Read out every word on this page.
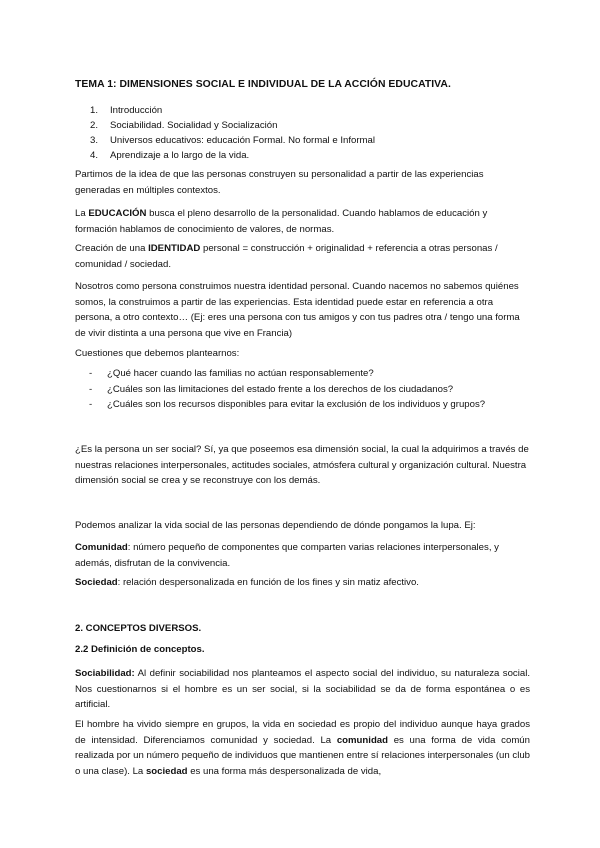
TEMA 1: DIMENSIONES SOCIAL E INDIVIDUAL DE LA ACCIÓN EDUCATIVA.
1. Introducción
2. Sociabilidad. Socialidad y Socialización
3. Universos educativos: educación Formal. No formal e Informal
4. Aprendizaje a lo largo de la vida.

Partimos de la idea de que las personas construyen su personalidad a partir de las experiencias generadas en múltiples contextos.

La EDUCACIÓN busca el pleno desarrollo de la personalidad. Cuando hablamos de educación y formación hablamos de conocimiento de valores, de normas.

Creación de una IDENTIDAD personal = construcción + originalidad + referencia a otras personas / comunidad / sociedad.

Nosotros como persona construimos nuestra identidad personal. Cuando nacemos no sabemos quiénes somos, la construimos a partir de las experiencias. Esta identidad puede estar en referencia a otra persona, a otro contexto… (Ej: eres una persona con tus amigos y con tus padres otra / tengo una forma de vivir distinta a una persona que vive en Francia)

Cuestiones que debemos plantearnos:

- ¿Qué hacer cuando las familias no actúan responsablemente?
- ¿Cuáles son las limitaciones del estado frente a los derechos de los ciudadanos?
- ¿Cuáles son los recursos disponibles para evitar la exclusión de los individuos y grupos?

¿Es la persona un ser social? Sí, ya que poseemos esa dimensión social, la cual la adquirimos a través de nuestras relaciones interpersonales, actitudes sociales, atmósfera cultural y organización cultural. Nuestra dimensión social se crea y se reconstruye con los demás.

Podemos analizar la vida social de las personas dependiendo de dónde pongamos la lupa. Ej:

Comunidad: número pequeño de componentes que comparten varias relaciones interpersonales, y además, disfrutan de la convivencia.

Sociedad: relación despersonalizada en función de los fines y sin matiz afectivo.

2. CONCEPTOS DIVERSOS.
2.2 Definición de conceptos.

Sociabilidad: Al definir sociabilidad nos planteamos el aspecto social del individuo, su naturaleza social. Nos cuestionarnos si el hombre es un ser social, si la sociabilidad se da de forma espontánea o es artificial.

El hombre ha vivido siempre en grupos, la vida en sociedad es propio del individuo aunque haya grados de intensidad. Diferenciamos comunidad y sociedad. La comunidad es una forma de vida común realizada por un número pequeño de individuos que mantienen entre sí relaciones interpersonales (un club o una clase). La sociedad es una forma más despersonalizada de vida,
